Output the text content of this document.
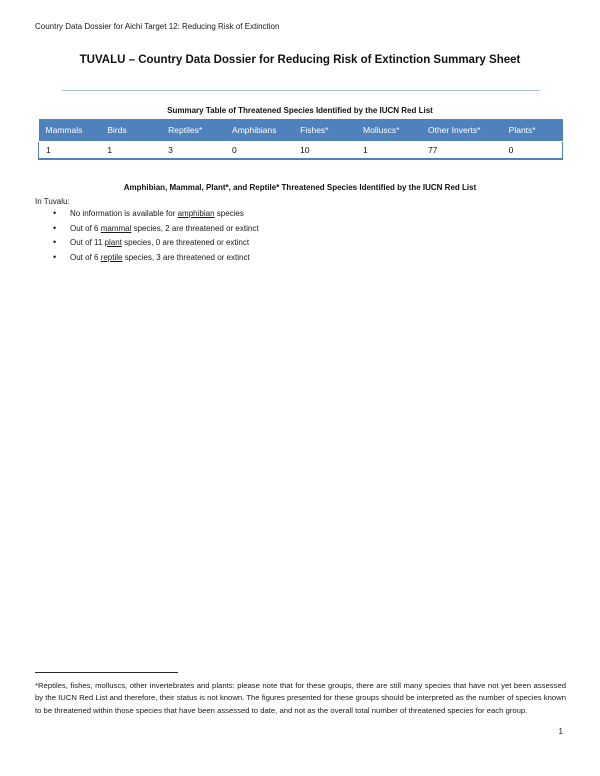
Country Data Dossier for Aichi Target 12: Reducing Risk of Extinction
TUVALU – Country Data Dossier for Reducing Risk of Extinction Summary Sheet
Summary Table of Threatened Species Identified by the IUCN Red List
Mammals	Birds	Reptiles*	Amphibians	Fishes*	Molluscs*	Other Inverts*	Plants*
1	1	3	0	10	1	77	0
Amphibian, Mammal, Plant*, and Reptile* Threatened Species Identified by the IUCN Red List
In Tuvalu:
• No information is available for amphibian species
• Out of 6 mammal species, 2 are threatened or extinct
• Out of 11 plant species, 0 are threatened or extinct
• Out of 6 reptile species, 3 are threatened or extinct
*Reptiles, fishes, molluscs, other invertebrates and plants: please note that for these groups, there are still many species that have not yet been assessed by the IUCN Red List and therefore, their status is not known. The figures presented for these groups should be interpreted as the number of species known to be threatened within those species that have been assessed to date, and not as the overall total number of threatened species for each group.
1
